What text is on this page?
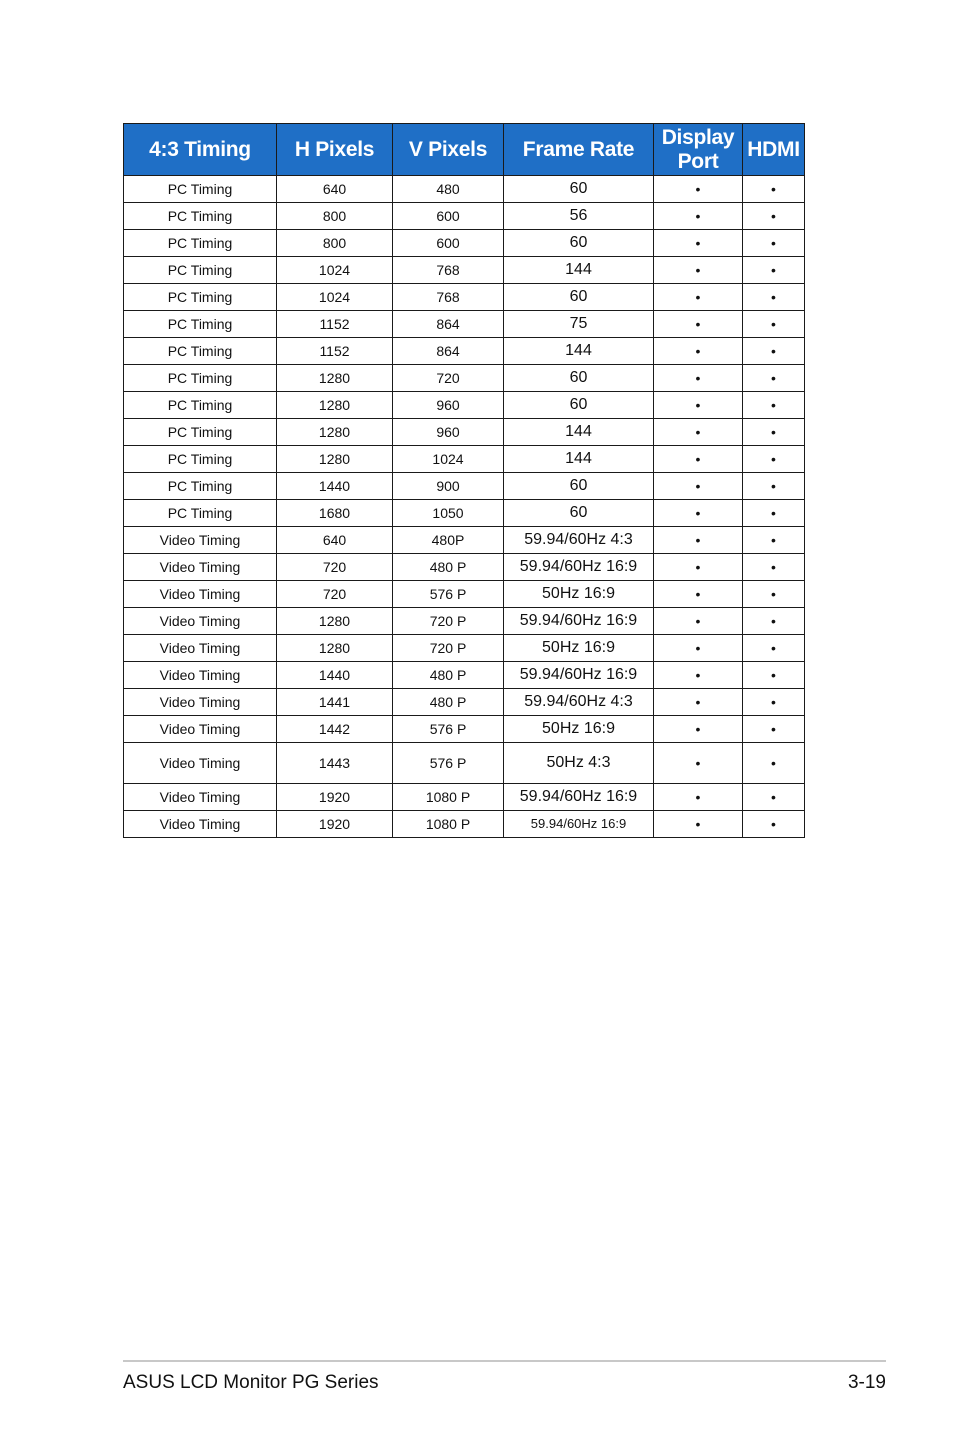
4:3 Timing	H Pixels	V Pixels	Frame Rate	Display Port	HDMI
PC Timing	640	480	60	•	•
PC Timing	800	600	56	•	•
PC Timing	800	600	60	•	•
PC Timing	1024	768	144	•	•
PC Timing	1024	768	60	•	•
PC Timing	1152	864	75	•	•
PC Timing	1152	864	144	•	•
PC Timing	1280	720	60	•	•
PC Timing	1280	960	60	•	•
PC Timing	1280	960	144	•	•
PC Timing	1280	1024	144	•	•
PC Timing	1440	900	60	•	•
PC Timing	1680	1050	60	•	•
Video Timing	640	480P	59.94/60Hz 4:3	•	•
Video Timing	720	480 P	59.94/60Hz 16:9	•	•
Video Timing	720	576 P	50Hz 16:9	•	•
Video Timing	1280	720 P	59.94/60Hz 16:9	•	•
Video Timing	1280	720 P	50Hz 16:9	•	•
Video Timing	1440	480 P	59.94/60Hz 16:9	•	•
Video Timing	1441	480 P	59.94/60Hz 4:3	•	•
Video Timing	1442	576 P	50Hz 16:9	•	•
Video Timing	1443	576 P	50Hz 4:3	•	•
Video Timing	1920	1080 P	59.94/60Hz 16:9	•	•
Video Timing	1920	1080 P	59.94/60Hz 16:9	•	•
ASUS LCD Monitor PG Series	3-19
